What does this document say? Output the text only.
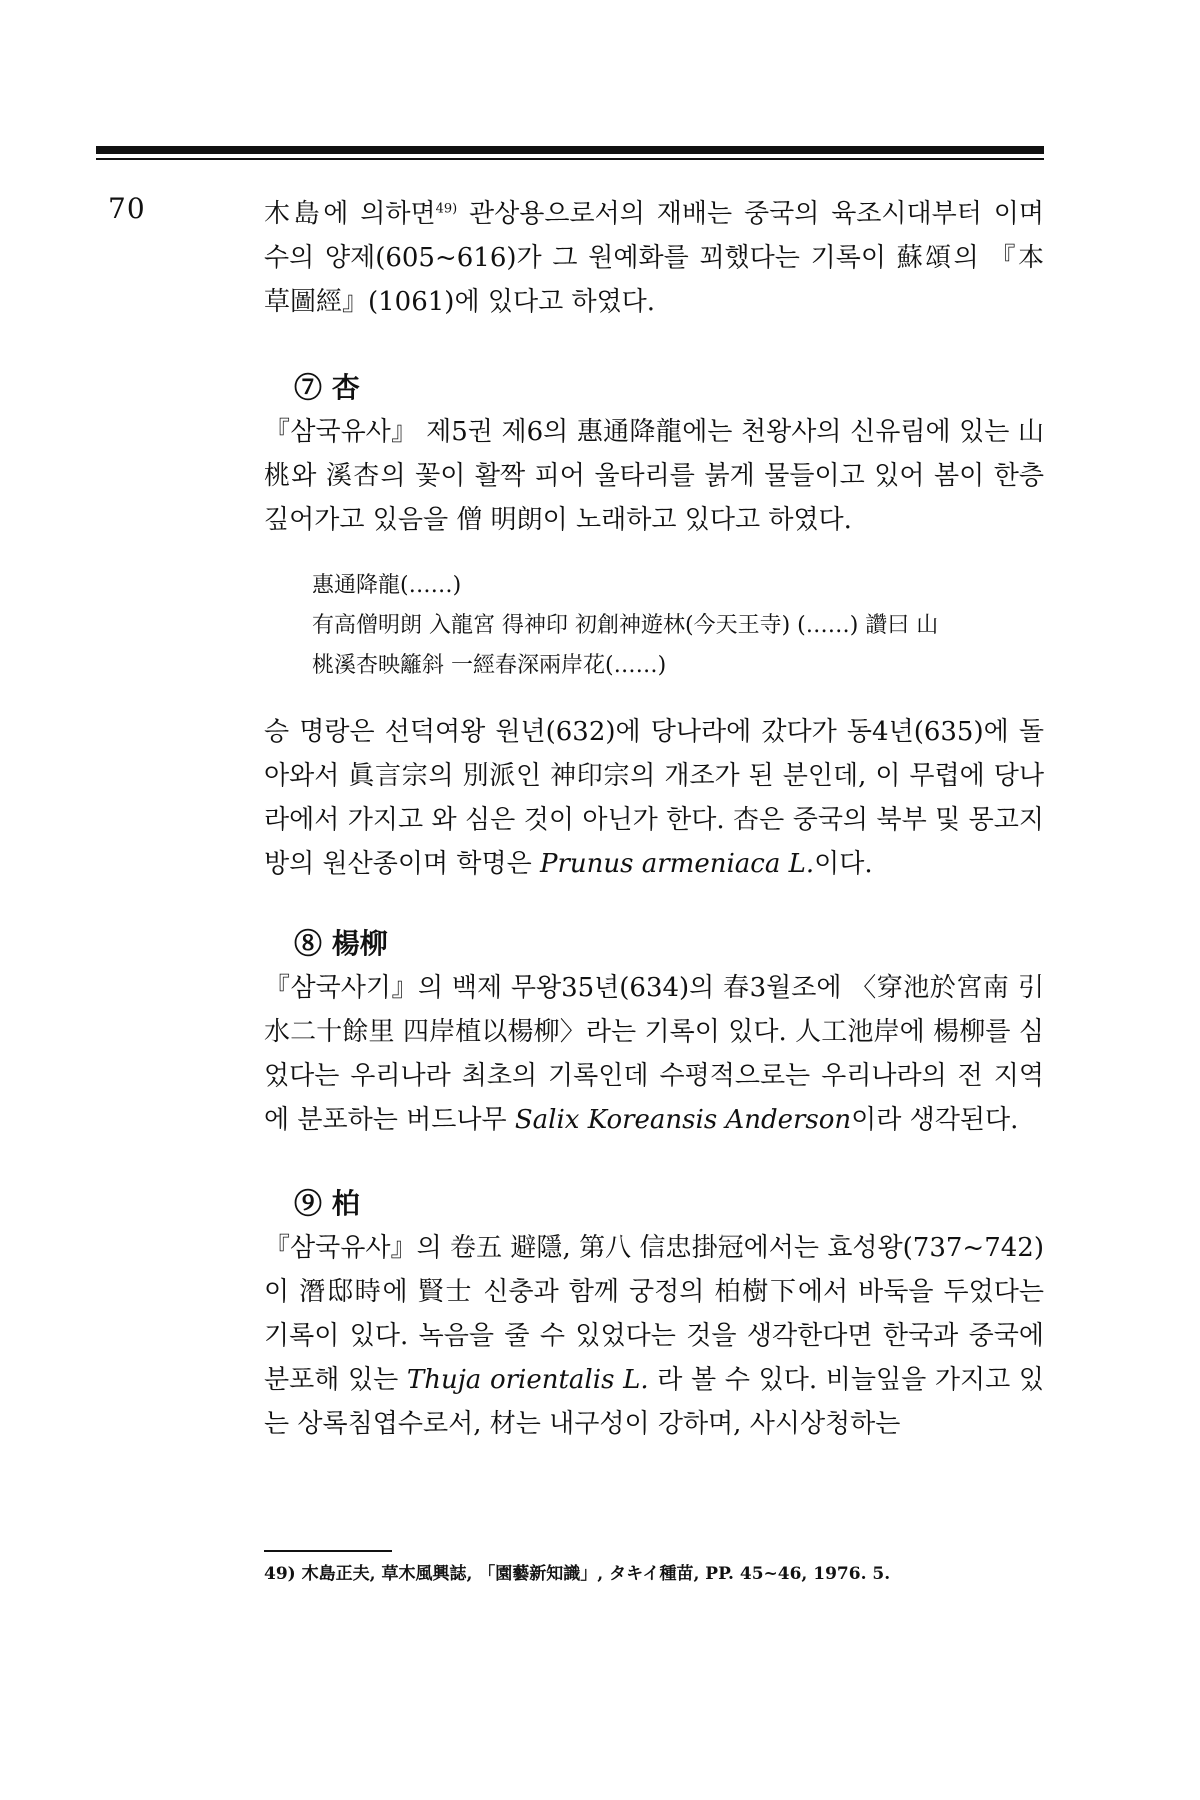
70	木島에 의하면$^{49)}$ 관상용으로서의 재배는 중국의 육조시대부터 이며 수의 양제(605~616)가 그 원예화를 꾀했다는 기록이 蘇頌의 『本草圖經』(1061)에 있다고 하였다.

⑦ 杏

『삼국유사』 제5권 제6의 惠通降龍에는 천왕사의 신유림에 있는 山桃와 溪杏의 꽃이 활짝 피어 울타리를 붉게 물들이고 있어 봄이 한층 깊어가고 있음을 僧 明朗이 노래하고 있다고 하였다.

惠通降龍(……)

有高僧明朗 入龍宮 得神印 初創神遊林(今天王寺) (……) 讚曰 山

桃溪杏映籬斜 一經春深兩岸花(……)

승 명랑은 선덕여왕 원년(632)에 당나라에 갔다가 동4년(635)에 돌아와서 眞言宗의 別派인 神印宗의 개조가 된 분인데, 이 무렵에 당나라에서 가지고 와 심은 것이 아닌가 한다. 杏은 중국의 북부 및 몽고지방의 원산종이며 학명은 Prunus armeniaca L.이다.

⑧ 楊柳

『삼국사기』의 백제 무왕35년(634)의 春3월조에 〈穿池於宮南 引水二十餘里 四岸植以楊柳〉라는 기록이 있다. 人工池岸에 楊柳를 심었다는 우리나라 최초의 기록인데 수평적으로는 우리나라의 전 지역에 분포하는 버드나무 Salix Koreansis Anderson이라 생각된다.

⑨ 柏

『삼국유사』의 卷五 避隱, 第八 信忠掛冠에서는 효성왕(737~742)이 潛邸時에 賢士 신충과 함께 궁정의 柏樹下에서 바둑을 두었다는 기록이 있다. 녹음을 줄 수 있었다는 것을 생각한다면 한국과 중국에 분포해 있는 Thuja orientalis L. 라 볼 수 있다. 비늘잎을 가지고 있는 상록침엽수로서, 材는 내구성이 강하며, 사시상청하는

49) 木島正夫, 草木風興誌, 「園藝新知識」, タキイ種苗, PP. 45~46, 1976. 5.
